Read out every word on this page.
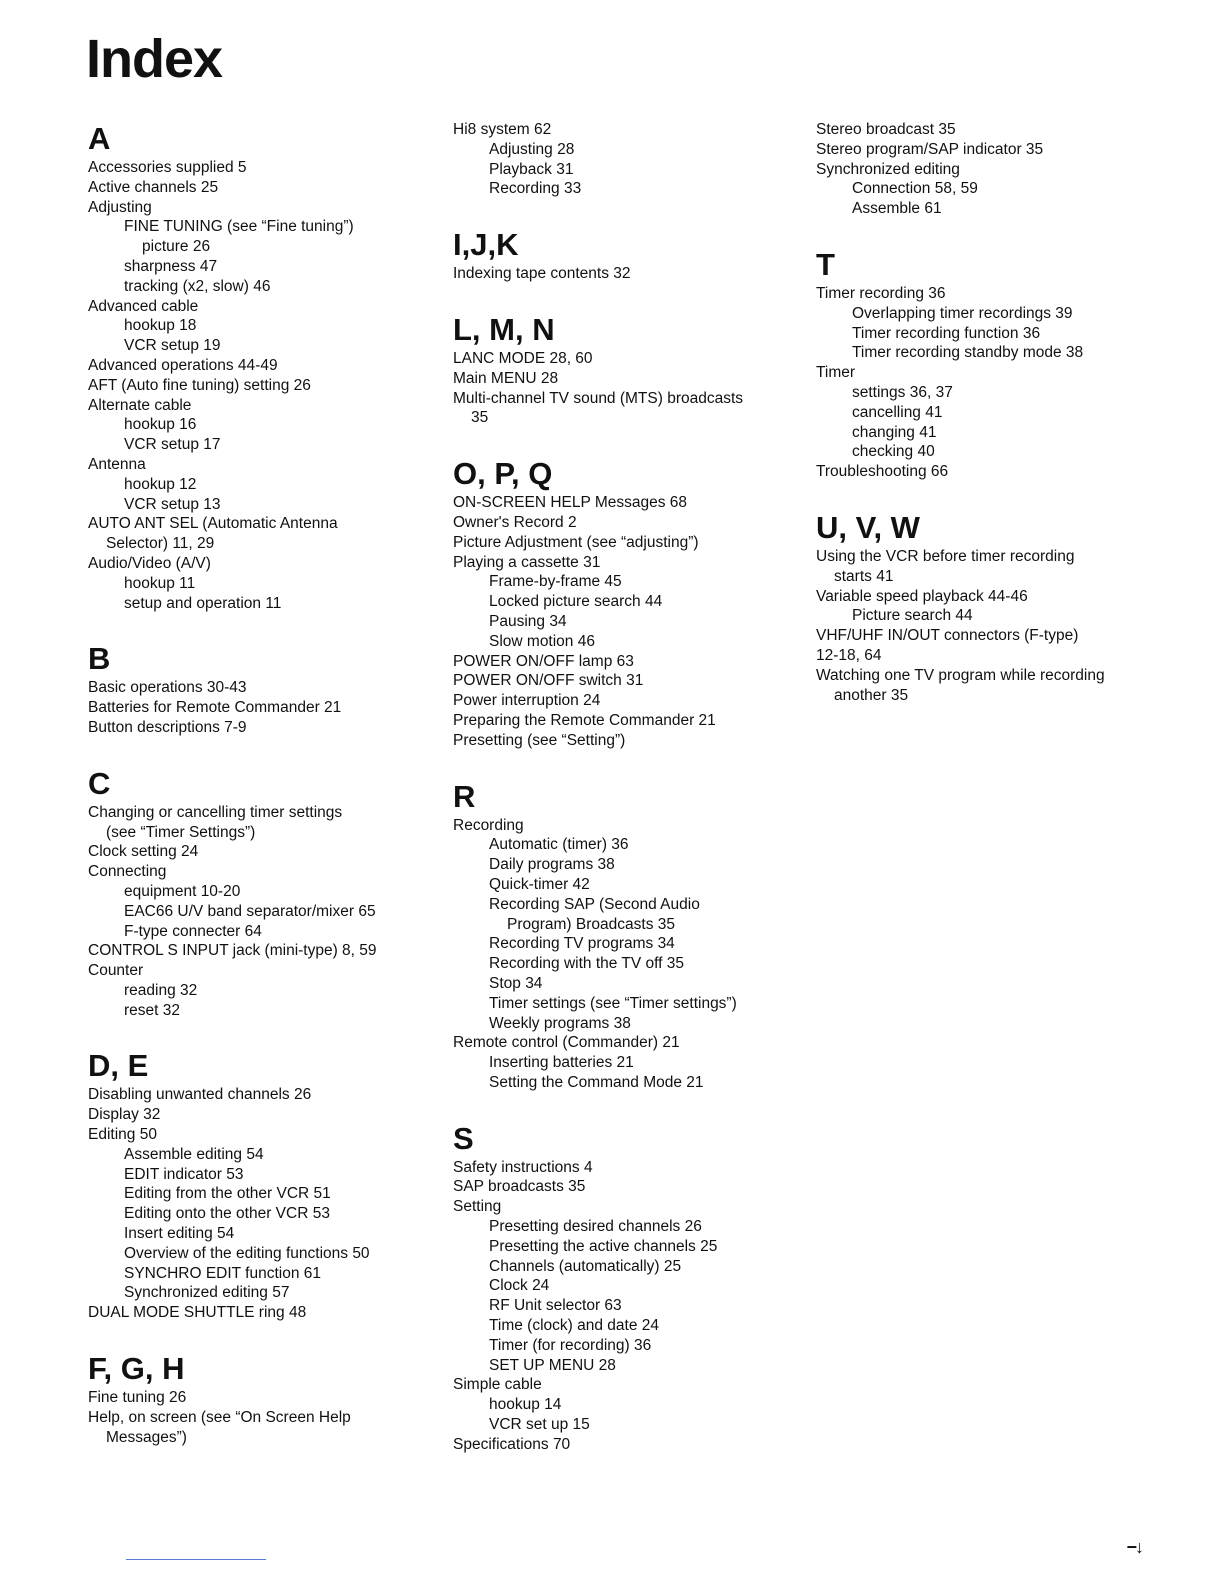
Index
A
Accessories supplied 5
Active channels 25
Adjusting
FINE TUNING (see “Fine tuning”)
picture 26
sharpness 47
tracking (x2, slow) 46
Advanced cable
hookup 18
VCR setup 19
Advanced operations 44-49
AFT (Auto fine tuning) setting 26
Alternate cable
hookup 16
VCR setup 17
Antenna
hookup 12
VCR setup 13
AUTO ANT SEL (Automatic Antenna
Selector) 11, 29
Audio/Video (A/V)
hookup 11
setup and operation 11
B
Basic operations 30-43
Batteries for Remote Commander 21
Button descriptions 7-9
C
Changing or cancelling timer settings
(see “Timer Settings”)
Clock setting 24
Connecting
equipment 10-20
EAC66 U/V band separator/mixer 65
F-type connecter 64
CONTROL S INPUT jack (mini-type) 8, 59
Counter
reading 32
reset 32
D, E
Disabling unwanted channels 26
Display 32
Editing 50
Assemble editing 54
EDIT indicator 53
Editing from the other VCR 51
Editing onto the other VCR 53
Insert editing 54
Overview of the editing functions 50
SYNCHRO EDIT function 61
Synchronized editing 57
DUAL MODE SHUTTLE ring 48
F, G, H
Fine tuning 26
Help, on screen (see “On Screen Help
Messages”)
Hi8 system 62
Adjusting 28
Playback 31
Recording 33
I,J,K
Indexing tape contents 32
L, M, N
LANC MODE 28, 60
Main MENU 28
Multi-channel TV sound (MTS) broadcasts
35
O, P, Q
ON-SCREEN HELP Messages 68
Owner's Record 2
Picture Adjustment (see “adjusting”)
Playing a cassette 31
Frame-by-frame 45
Locked picture search 44
Pausing 34
Slow motion 46
POWER ON/OFF lamp 63
POWER ON/OFF switch 31
Power interruption 24
Preparing the Remote Commander 21
Presetting (see “Setting”)
R
Recording
Automatic (timer) 36
Daily programs 38
Quick-timer 42
Recording SAP (Second Audio
Program) Broadcasts 35
Recording TV programs 34
Recording with the TV off 35
Stop 34
Timer settings (see “Timer settings”)
Weekly programs 38
Remote control (Commander) 21
Inserting batteries 21
Setting the Command Mode 21
S
Safety instructions 4
SAP broadcasts 35
Setting
Presetting desired channels 26
Presetting the active channels 25
Channels (automatically) 25
Clock 24
RF Unit selector 63
Time (clock) and date 24
Timer (for recording) 36
SET UP MENU 28
Simple cable
hookup 14
VCR set up 15
Specifications 70
Stereo broadcast 35
Stereo program/SAP indicator 35
Synchronized editing
Connection 58, 59
Assemble 61
T
Timer recording 36
Overlapping timer recordings 39
Timer recording function 36
Timer recording standby mode 38
Timer
settings 36, 37
cancelling 41
changing 41
checking 40
Troubleshooting 66
U, V, W
Using the VCR before timer recording
starts 41
Variable speed playback 44-46
Picture search 44
VHF/UHF IN/OUT connectors (F-type)
12-18, 64
Watching one TV program while recording
another 35
−↓
